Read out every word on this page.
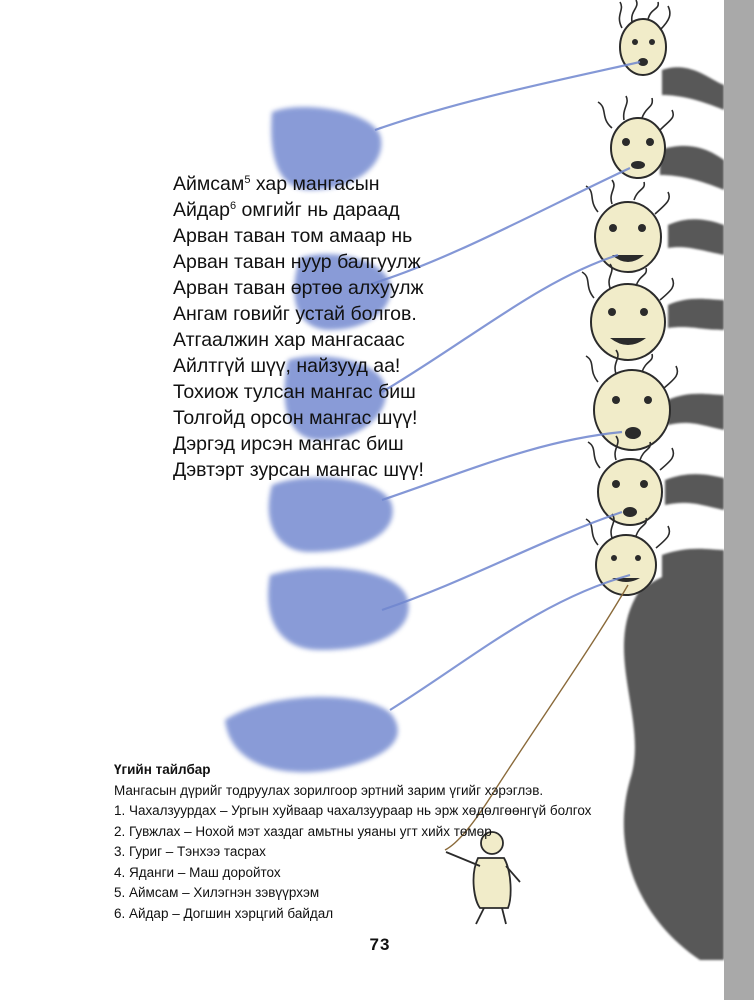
Аймсам$^5$ хар мангасын
Айдар$^6$ омгийг нь дараад
Арван таван том амаар нь
Арван таван нуур балгуулж
Арван таван өртөө алхуулж
Ангам говийг устай болгов.
Атгаалжин хар мангасаас
Айлтгүй шүү, найзууд аа!
Тохиож тулсан мангас биш
Толгойд орсон мангас шүү!
Дэргэд ирсэн мангас биш
Дэвтэрт зурсан мангас шүү!
Үгийн тайлбар
Мангасын дүрийг тодруулах зорилгоор эртний зарим үгийг хэрэглэв.
1. Чахалзуурдах – Ургын хуйваар чахалзуураар нь эрж хөдөлгөөнгүй болгох
2. Гувжлах – Нохой мэт хаздаг амьтны уяаны угт хийх төмөр
3. Гуриг – Тэнхээ тасрах
4. Яданги – Маш доройтох
5. Аймсам – Хилэгнэн зэвүүрхэм
6. Айдар – Догшин хэрцгий байдал
73
